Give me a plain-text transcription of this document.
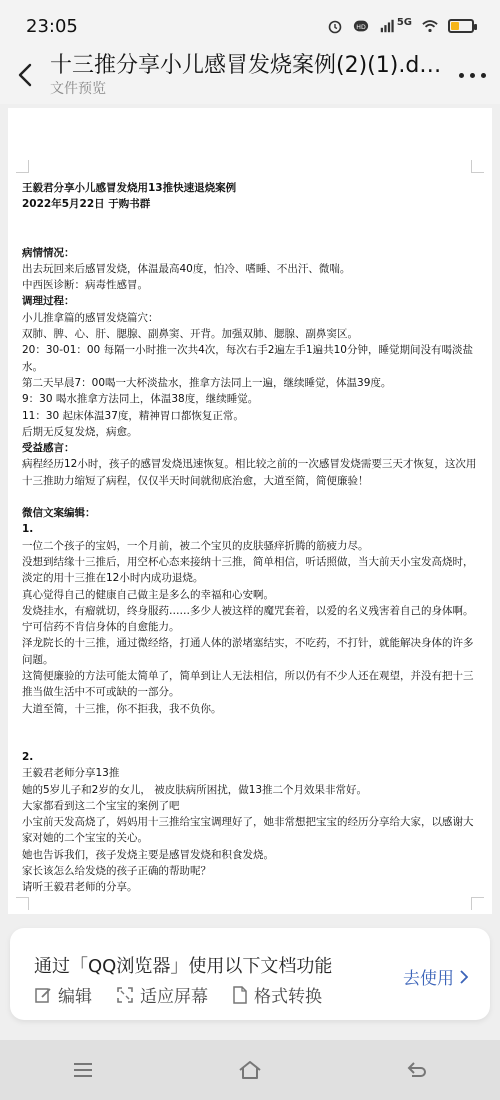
23:05	HD
5G
十三推分享小儿感冒发烧案例(2)(1).d…
文件预览

王毅君分享小儿感冒发烧用13推快速退烧案例

2022年5月22日 于购书群

病情情况：

出去玩回来后感冒发烧，体温最高40度，怕冷、嗜睡、不出汗、微喘。

中西医诊断：病毒性感冒。

调理过程：

小儿推拿篇的感冒发烧篇穴：

双肺、脾、心、肝、腮腺、副鼻窦、开背。加强双肺、腮腺、副鼻窦区。

20：30-01：00 每隔一小时推一次共4次，每次右手2遍左手1遍共10分钟，睡觉期间没有喝淡盐水。

第二天早晨7：00喝一大杯淡盐水，推拿方法同上一遍，继续睡觉，体温39度。

9：30 喝水推拿方法同上，体温38度，继续睡觉。

11：30 起床体温37度，精神胃口都恢复正常。

后期无反复发烧，病愈。

受益感言：

病程经历12小时，孩子的感冒发烧迅速恢复。相比较之前的一次感冒发烧需要三天才恢复，这次用十三推助力缩短了病程，仅仅半天时间就彻底治愈，大道至简，简便廉验！

微信文案编辑：

1.

一位二个孩子的宝妈，一个月前，被二个宝贝的皮肤骚痒折腾的筋疲力尽。

没想到结缘十三推后，用空杯心态来接纳十三推，简单相信，听话照做，当大前天小宝发高烧时，淡定的用十三推在12小时内成功退烧。

真心觉得自己的健康自己做主是多么的幸福和心安啊。

发烧挂水，有瘤就切，终身服药……多少人被这样的魔咒套着，以爱的名义残害着自己的身体啊。宁可信药不肯信身体的自愈能力。

泽龙院长的十三推，通过微经络，打通人体的淤堵塞结实，不吃药，不打针，就能解决身体的许多问题。

这简便廉验的方法可能太简单了，简单到让人无法相信，所以仍有不少人还在观望，并没有把十三推当做生活中不可或缺的一部分。

大道至简，十三推，你不拒我，我不负你。

2.

王毅君老师分享13推

她的5岁儿子和2岁的女儿， 被皮肤病所困扰，做13推二个月效果非常好。

大家都看到这二个宝宝的案例了吧

小宝前天发高烧了，妈妈用十三推给宝宝调理好了，她非常想把宝宝的经历分享给大家，以感谢大家对她的二个宝宝的关心。

她也告诉我们，孩子发烧主要是感冒发烧和积食发烧。

家长该怎么给发烧的孩子正确的帮助呢？

请听王毅君老师的分享。

通过「QQ浏览器」使用以下文档功能
编辑	适应屏幕	格式转换
去使用
